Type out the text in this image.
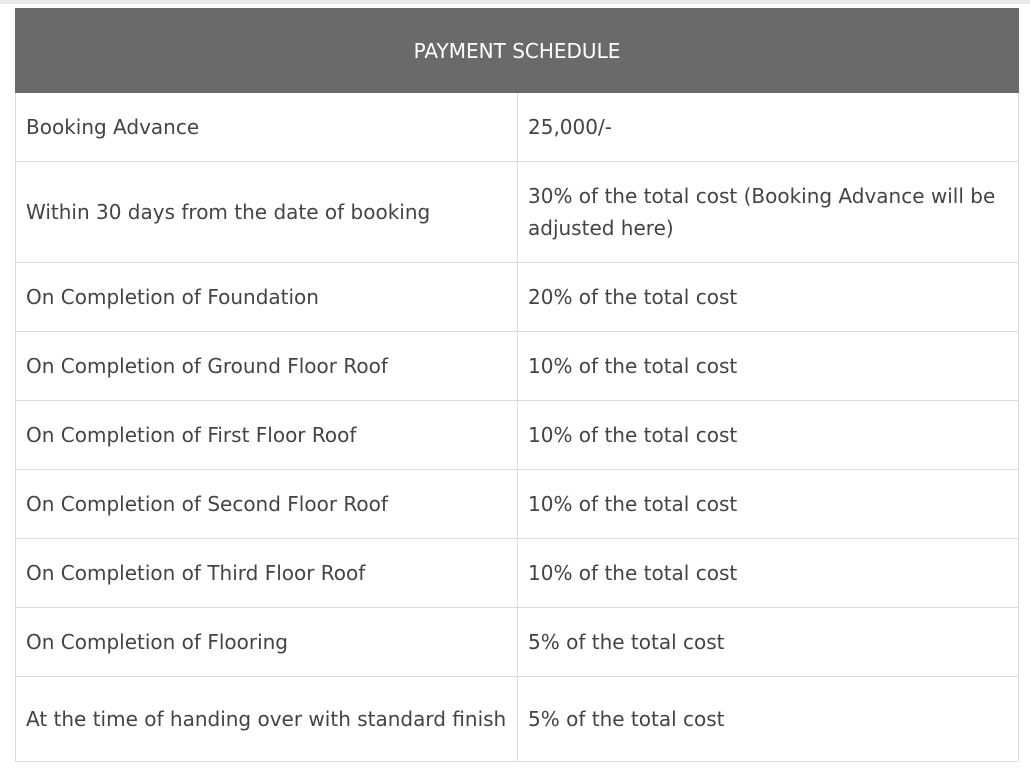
PAYMENT SCHEDULE	
Booking Advance	25,000/-
Within 30 days from the date of booking	30% of the total cost (Booking Advance will be adjusted here)
On Completion of Foundation	20% of the total cost
On Completion of Ground Floor Roof	10% of the total cost
On Completion of First Floor Roof	10% of the total cost
On Completion of Second Floor Roof	10% of the total cost
On Completion of Third Floor Roof	10% of the total cost
On Completion of Flooring	5% of the total cost
At the time of handing over with standard finish	5% of the total cost
